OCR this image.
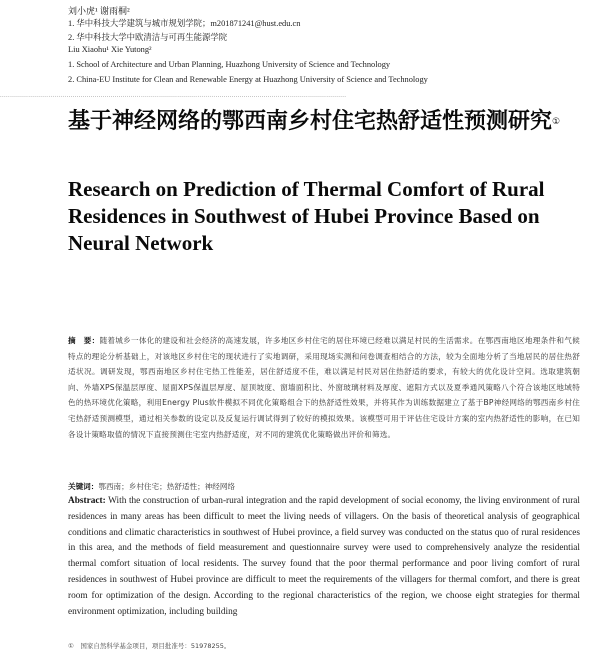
刘小虎¹ 谢雨桐²
1. 华中科技大学建筑与城市规划学院；m201871241@hust.edu.cn
2. 华中科技大学中欧清洁与可再生能源学院
Liu Xiaohu¹ Xie Yutong²
1. School of Architecture and Urban Planning, Huazhong University of Science and Technology
2. China-EU Institute for Clean and Renewable Energy at Huazhong University of Science and Technology
············································································································································································
基于神经网络的鄂西南乡村住宅热舒适性预测研究①
Research on Prediction of Thermal Comfort of Rural Residences in Southwest of Hubei Province Based on Neural Network
摘　要：随着城乡一体化的建设和社会经济的高速发展，许多地区乡村住宅的居住环境已经难以满足村民的生活需求。在鄂西南地区地理条件和气候特点的理论分析基础上，对该地区乡村住宅的现状进行了实地调研，采用现场实测和问卷调查相结合的方法，较为全面地分析了当地居民的居住热舒适状况。调研发现，鄂西南地区乡村住宅热工性能差，居住舒适度不佳，难以满足村民对居住热舒适的要求，有较大的优化设计空间。选取建筑朝向、外墙XPS保温层厚度、屋面XPS保温层厚度、屋顶坡度、窗墙面积比、外窗玻璃材料及厚度、遮阳方式以及夏季通风策略八个符合该地区地域特色的热环境优化策略，利用Energy Plus软件模拟不同优化策略组合下的热舒适性效果，并将其作为训练数据建立了基于BP神经网络的鄂西南乡村住宅热舒适预测模型，通过相关参数的设定以及反复运行调试得到了较好的模拟效果。该模型可用于评估住宅设计方案的室内热舒适性的影响，在已知各设计策略取值的情况下直接预测住宅室内热舒适度，对不同的建筑优化策略做出评价和筛选。
关键词：鄂西南；乡村住宅；热舒适性；神经网络
Abstract: With the construction of urban-rural integration and the rapid development of social economy, the living environment of rural residences in many areas has been difficult to meet the living needs of villagers. On the basis of theoretical analysis of geographical conditions and climatic characteristics in southwest of Hubei province, a field survey was conducted on the status quo of rural residences in this area, and the methods of field measurement and questionnaire survey were used to comprehensively analyze the residential thermal comfort situation of local residents. The survey found that the poor thermal performance and poor living comfort of rural residences in southwest of Hubei province are difficult to meet the requirements of the villagers for thermal comfort, and there is great room for optimization of the design. According to the regional characteristics of the region, we choose eight strategies for thermal environment optimization, including building
①　国家自然科学基金项目，项目批准号：51978255。
